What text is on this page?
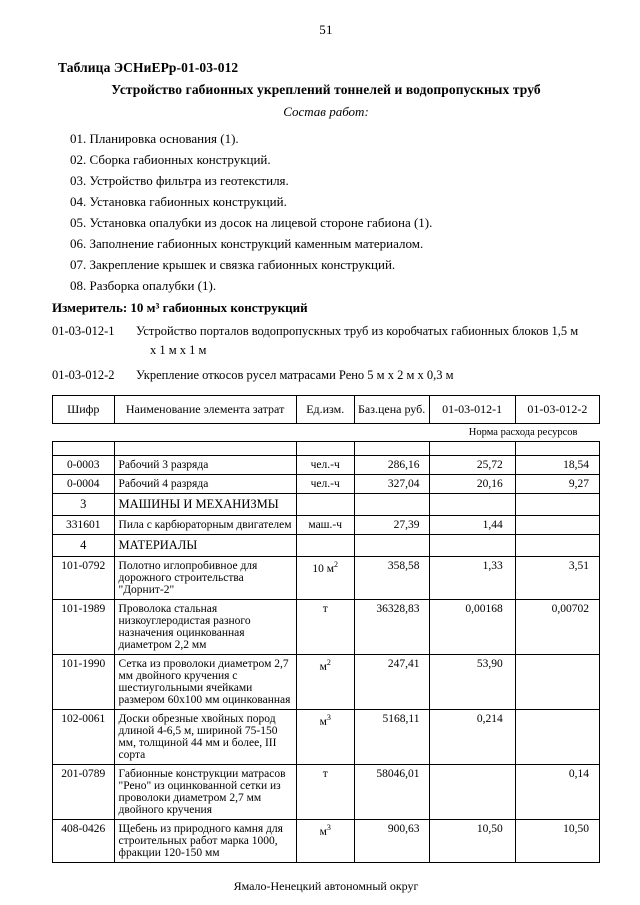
51
Таблица ЭСНиЕРр-01-03-012
Устройство габионных укреплений тоннелей и водопропускных труб
Состав работ:
01. Планировка основания (1).
02. Сборка габионных конструкций.
03. Устройство фильтра из геотекстиля.
04. Установка габионных конструкций.
05. Установка опалубки из досок на лицевой стороне габиона (1).
06. Заполнение габионных конструкций каменным материалом.
07. Закрепление крышек и связка габионных конструкций.
08. Разборка опалубки (1).
Измеритель: 10 м³ габионных конструкций
01-03-012-1	Устройство порталов водопропускных труб из коробчатых габионных блоков 1,5 м
х 1 м х 1 м
01-03-012-2	Укрепление откосов русел матрасами Рено 5 м х 2 м х 0,3 м
Шифр	Наименование элемента затрат	Ед.изм.	Баз.цена руб.	01-03-012-1	01-03-012-2
				Норма расхода ресурсов	

0-0003	Рабочий 3 разряда	чел.-ч	286,16	25,72	18,54
0-0004	Рабочий 4 разряда	чел.-ч	327,04	20,16	9,27
3	МАШИНЫ И МЕХАНИЗМЫ				
331601	Пила с карбюраторным двигателем	маш.-ч	27,39	1,44	
4	МАТЕРИАЛЫ				
101-0792	Полотно иглопробивное для дорожного строительства "Дорнит-2"	10 $м^2$	358,58	1,33	3,51
101-1989	Проволока стальная низкоуглеродистая разного назначения оцинкованная диаметром 2,2 мм	т	36328,83	0,00168	0,00702
101-1990	Сетка из проволоки диаметром 2,7 мм двойного кручения с шестиугольными ячейками размером 60х100 мм оцинкованная	$м^2$	247,41	53,90	
102-0061	Доски обрезные хвойных пород длиной 4-6,5 м, шириной 75-150 мм, толщиной 44 мм и более, III сорта	$м^3$	5168,11	0,214	
201-0789	Габионные конструкции матрасов "Рено" из оцинкованной сетки из проволоки диаметром 2,7 мм двойного кручения	т	58046,01		0,14
408-0426	Щебень из природного камня для строительных работ марка 1000, фракции 120-150 мм	$м^3$	900,63	10,50	10,50
Ямало-Ненецкий автономный округ
